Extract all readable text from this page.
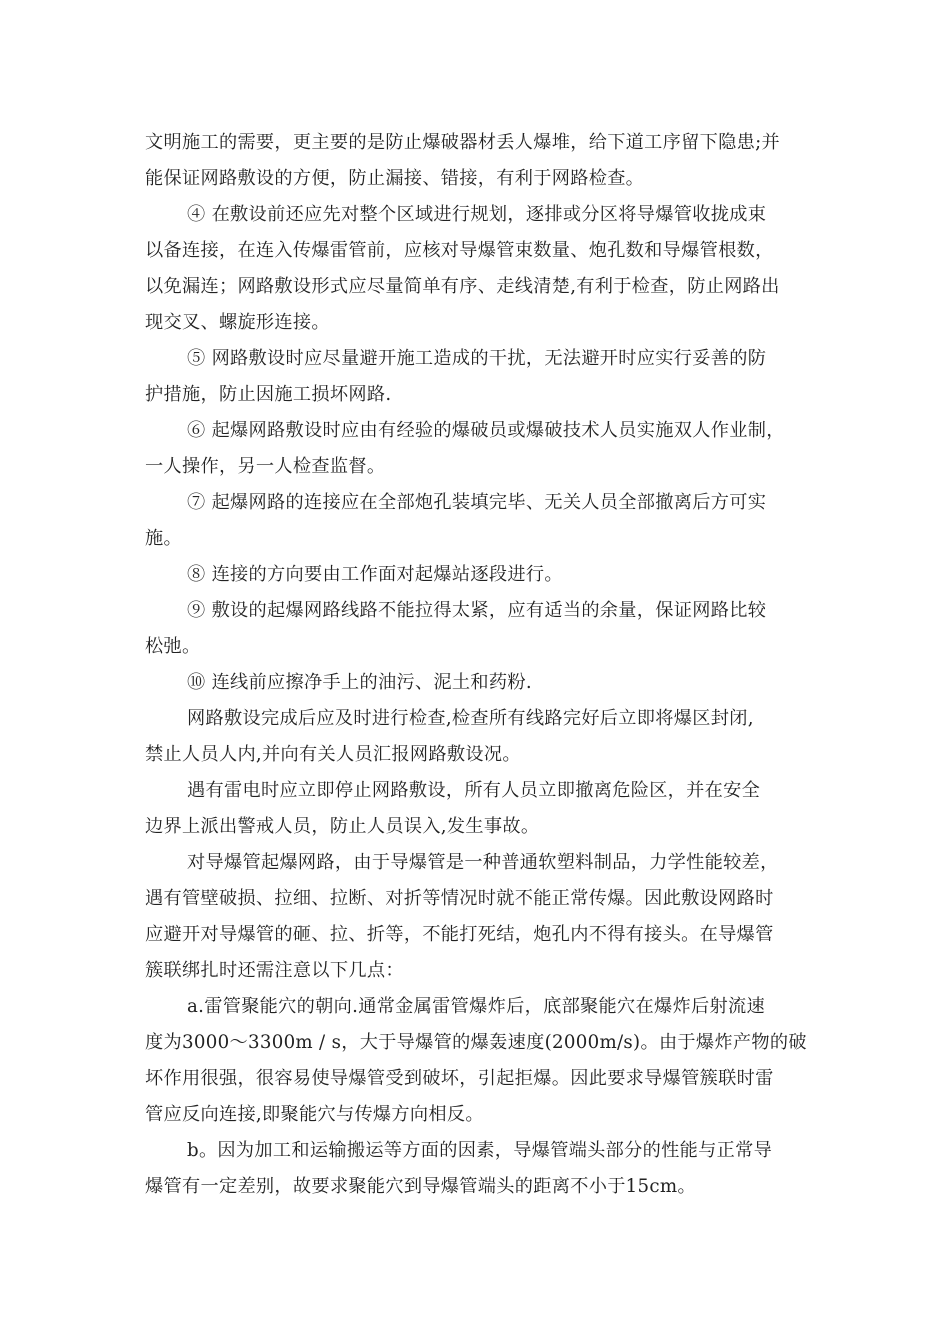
文明施工的需要，更主要的是防止爆破器材丢人爆堆，给下道工序留下隐患;并
能保证网路敷设的方便，防止漏接、错接，有利于网路检查。
④ 在敷设前还应先对整个区域进行规划，逐排或分区将导爆管收拢成束
以备连接，在连入传爆雷管前，应核对导爆管束数量、炮孔数和导爆管根数，
以免漏连；网路敷设形式应尽量简单有序、走线清楚,有利于检查，防止网路出
现交叉、螺旋形连接。
⑤ 网路敷设时应尽量避开施工造成的干扰，无法避开时应实行妥善的防
护措施，防止因施工损坏网路.
⑥ 起爆网路敷设时应由有经验的爆破员或爆破技术人员实施双人作业制，
一人操作，另一人检查监督。
⑦ 起爆网路的连接应在全部炮孔装填完毕、无关人员全部撤离后方可实
施。
⑧ 连接的方向要由工作面对起爆站逐段进行。
⑨ 敷设的起爆网路线路不能拉得太紧，应有适当的余量，保证网路比较
松弛。
⑩ 连线前应擦净手上的油污、泥土和药粉.
网路敷设完成后应及时进行检查,检查所有线路完好后立即将爆区封闭,
禁止人员人内,并向有关人员汇报网路敷设况。
遇有雷电时应立即停止网路敷设，所有人员立即撤离危险区，并在安全
边界上派出警戒人员，防止人员误入,发生事故。
对导爆管起爆网路，由于导爆管是一种普通软塑料制品，力学性能较差，
遇有管壁破损、拉细、拉断、对折等情况时就不能正常传爆。因此敷设网路时
应避开对导爆管的砸、拉、折等，不能打死结，炮孔内不得有接头。在导爆管
簇联绑扎时还需注意以下几点：
a.雷管聚能穴的朝向.通常金属雷管爆炸后，底部聚能穴在爆炸后射流速
度为3000～3300m / s，大于导爆管的爆轰速度(2000m/s)。由于爆炸产物的破
坏作用很强，很容易使导爆管受到破坏，引起拒爆。因此要求导爆管簇联时雷
管应反向连接,即聚能穴与传爆方向相反。
b。因为加工和运输搬运等方面的因素，导爆管端头部分的性能与正常导
爆管有一定差别，故要求聚能穴到导爆管端头的距离不小于15cm。
